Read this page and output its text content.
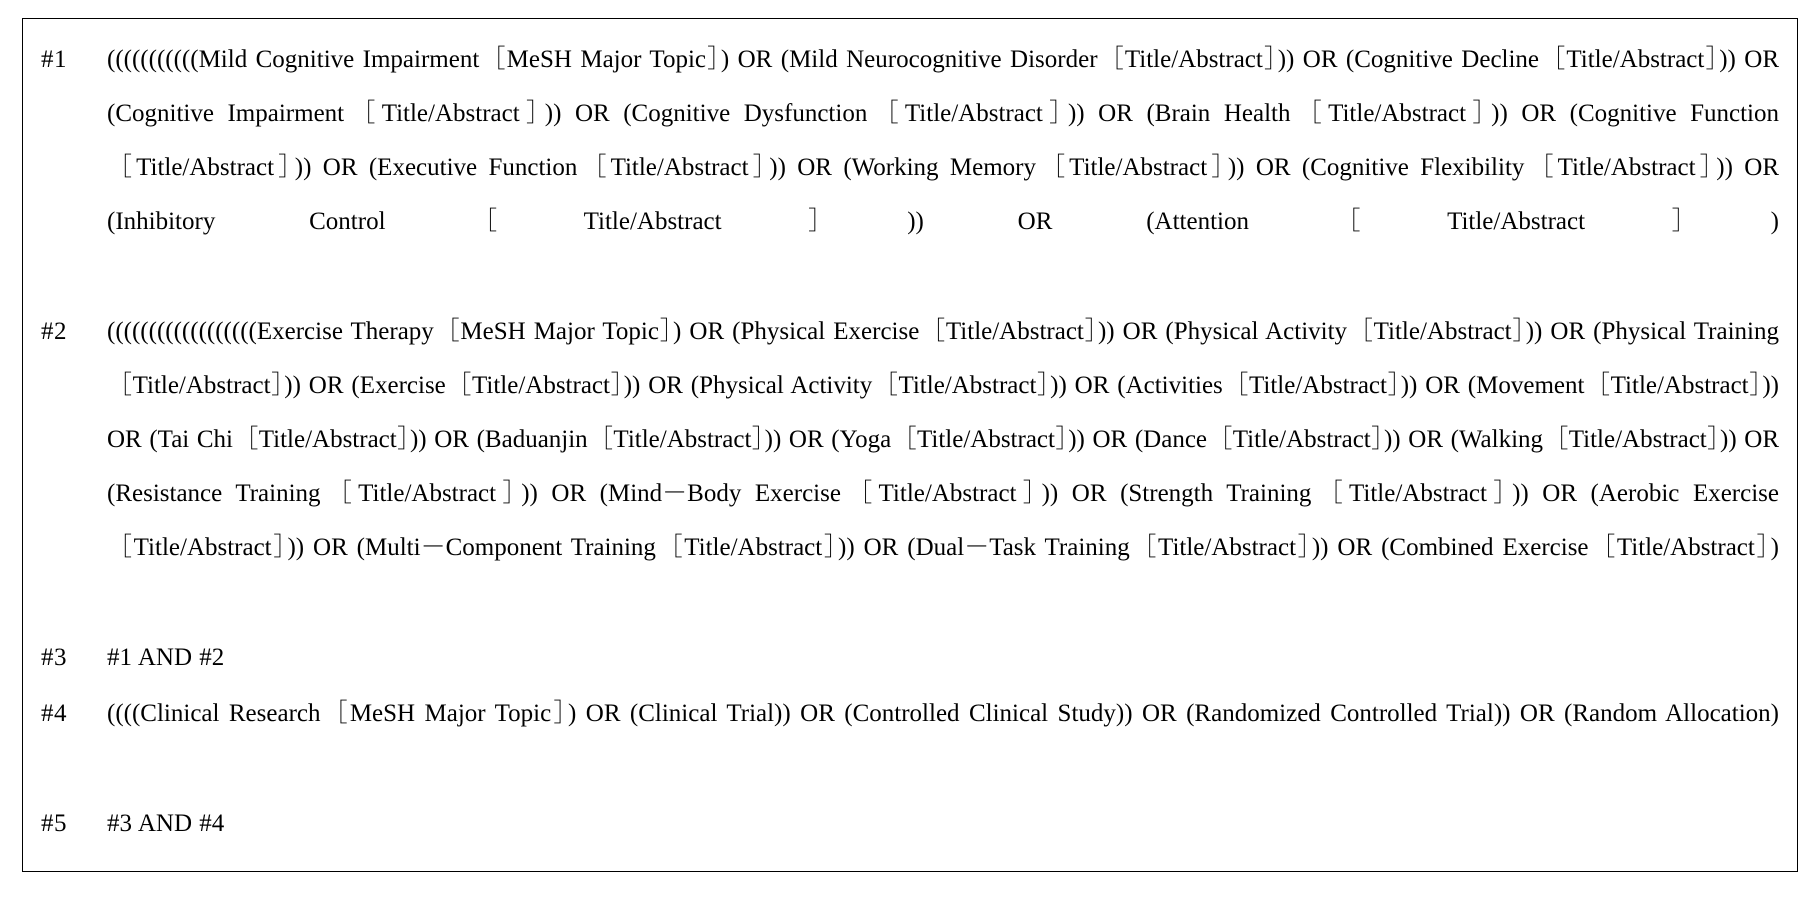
#1	(((((((((((Mild Cognitive Impairment［MeSH Major Topic］) OR (Mild Neurocognitive Disorder［Title/Abstract］)) OR (Cognitive Decline［Title/Abstract］)) OR (Cognitive Impairment［Title/Abstract］)) OR (Cognitive Dysfunction［Title/Abstract］)) OR (Brain Health［Title/Abstract］)) OR (Cognitive Function［Title/Abstract］)) OR (Executive Function［Title/Abstract］)) OR (Working Memory［Title/Abstract］)) OR (Cognitive Flexibility［Title/Abstract］)) OR (Inhibitory Control［Title/Abstract］)) OR (Attention［Title/Abstract］)
#2	((((((((((((((((((Exercise Therapy［MeSH Major Topic］) OR (Physical Exercise［Title/Abstract］)) OR (Physical Activity［Title/Abstract］)) OR (Physical Training ［Title/Abstract］)) OR (Exercise［Title/Abstract］)) OR (Physical Activity［Title/Abstract］)) OR (Activities［Title/Abstract］)) OR (Movement［Title/Abstract］)) OR (Tai Chi［Title/Abstract］)) OR (Baduanjin［Title/Abstract］)) OR (Yoga［Title/Abstract］)) OR (Dance［Title/Abstract］)) OR (Walking［Title/Abstract］)) OR (Resistance Training［Title/Abstract］)) OR (Mind－Body Exercise［Title/Abstract］)) OR (Strength Training［Title/Abstract］)) OR (Aerobic Exercise［Title/Abstract］)) OR (Multi－Component Training［Title/Abstract］)) OR (Dual－Task Training［Title/Abstract］)) OR (Combined Exercise［Title/Abstract］)
#3	#1 AND #2
#4	((((Clinical Research［MeSH Major Topic］) OR (Clinical Trial)) OR (Controlled Clinical Study)) OR (Randomized Controlled Trial)) OR (Random Allocation)
#5	#3 AND #4
